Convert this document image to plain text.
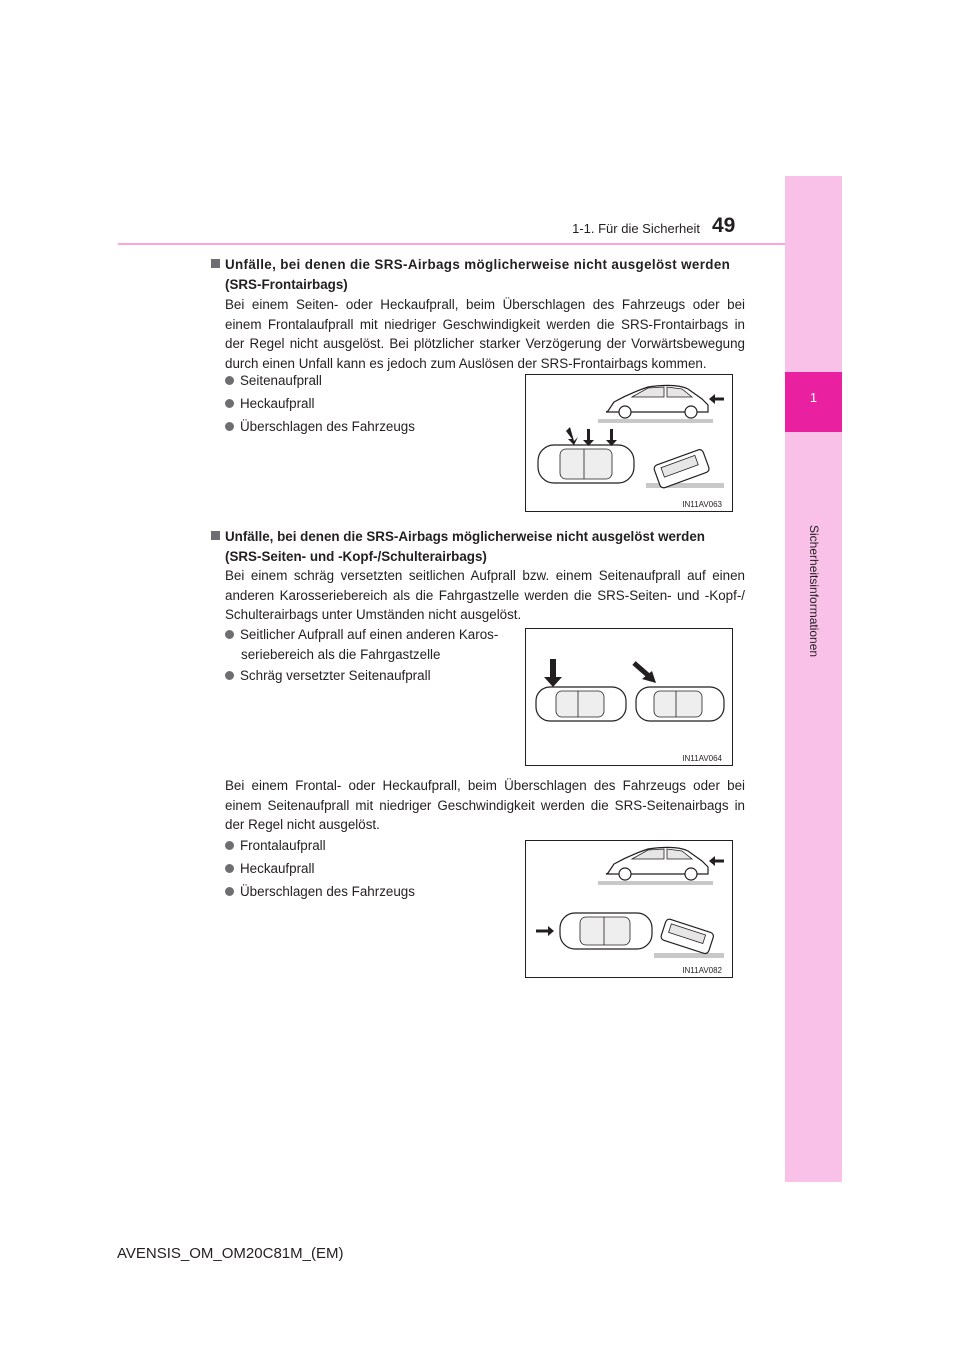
1
Sicherheitsinformationen
1-1. Für die Sicherheit 49
Unfälle, bei denen die SRS-Airbags möglicherweise nicht ausgelöst werden
(SRS-Frontairbags)
Bei einem Seiten- oder Heckaufprall, beim Überschlagen des Fahrzeugs oder bei einem Frontalaufprall mit niedriger Geschwindigkeit werden die SRS-Frontairbags in der Regel nicht ausgelöst. Bei plötzlicher starker Verzögerung der Vorwärtsbewegung durch einen Unfall kann es jedoch zum Auslösen der SRS-Frontairbags kommen.
Seitenaufprall
Heckaufprall
Überschlagen des Fahrzeugs
IN11AV063
Unfälle, bei denen die SRS-Airbags möglicherweise nicht ausgelöst werden
(SRS-Seiten- und -Kopf-/Schulterairbags)
Bei einem schräg versetzten seitlichen Aufprall bzw. einem Seitenaufprall auf einen anderen Karosseriebereich als die Fahrgastzelle werden die SRS-Seiten- und -Kopf-/ Schulterairbags unter Umständen nicht ausgelöst.
Seitlicher Aufprall auf einen anderen Karos-
seriebereich als die Fahrgastzelle
Schräg versetzter Seitenaufprall
IN11AV064
Bei einem Frontal- oder Heckaufprall, beim Überschlagen des Fahrzeugs oder bei einem Seitenaufprall mit niedriger Geschwindigkeit werden die SRS-Seitenairbags in der Regel nicht ausgelöst.
Frontalaufprall
Heckaufprall
Überschlagen des Fahrzeugs
IN11AV082
AVENSIS_OM_OM20C81M_(EM)
